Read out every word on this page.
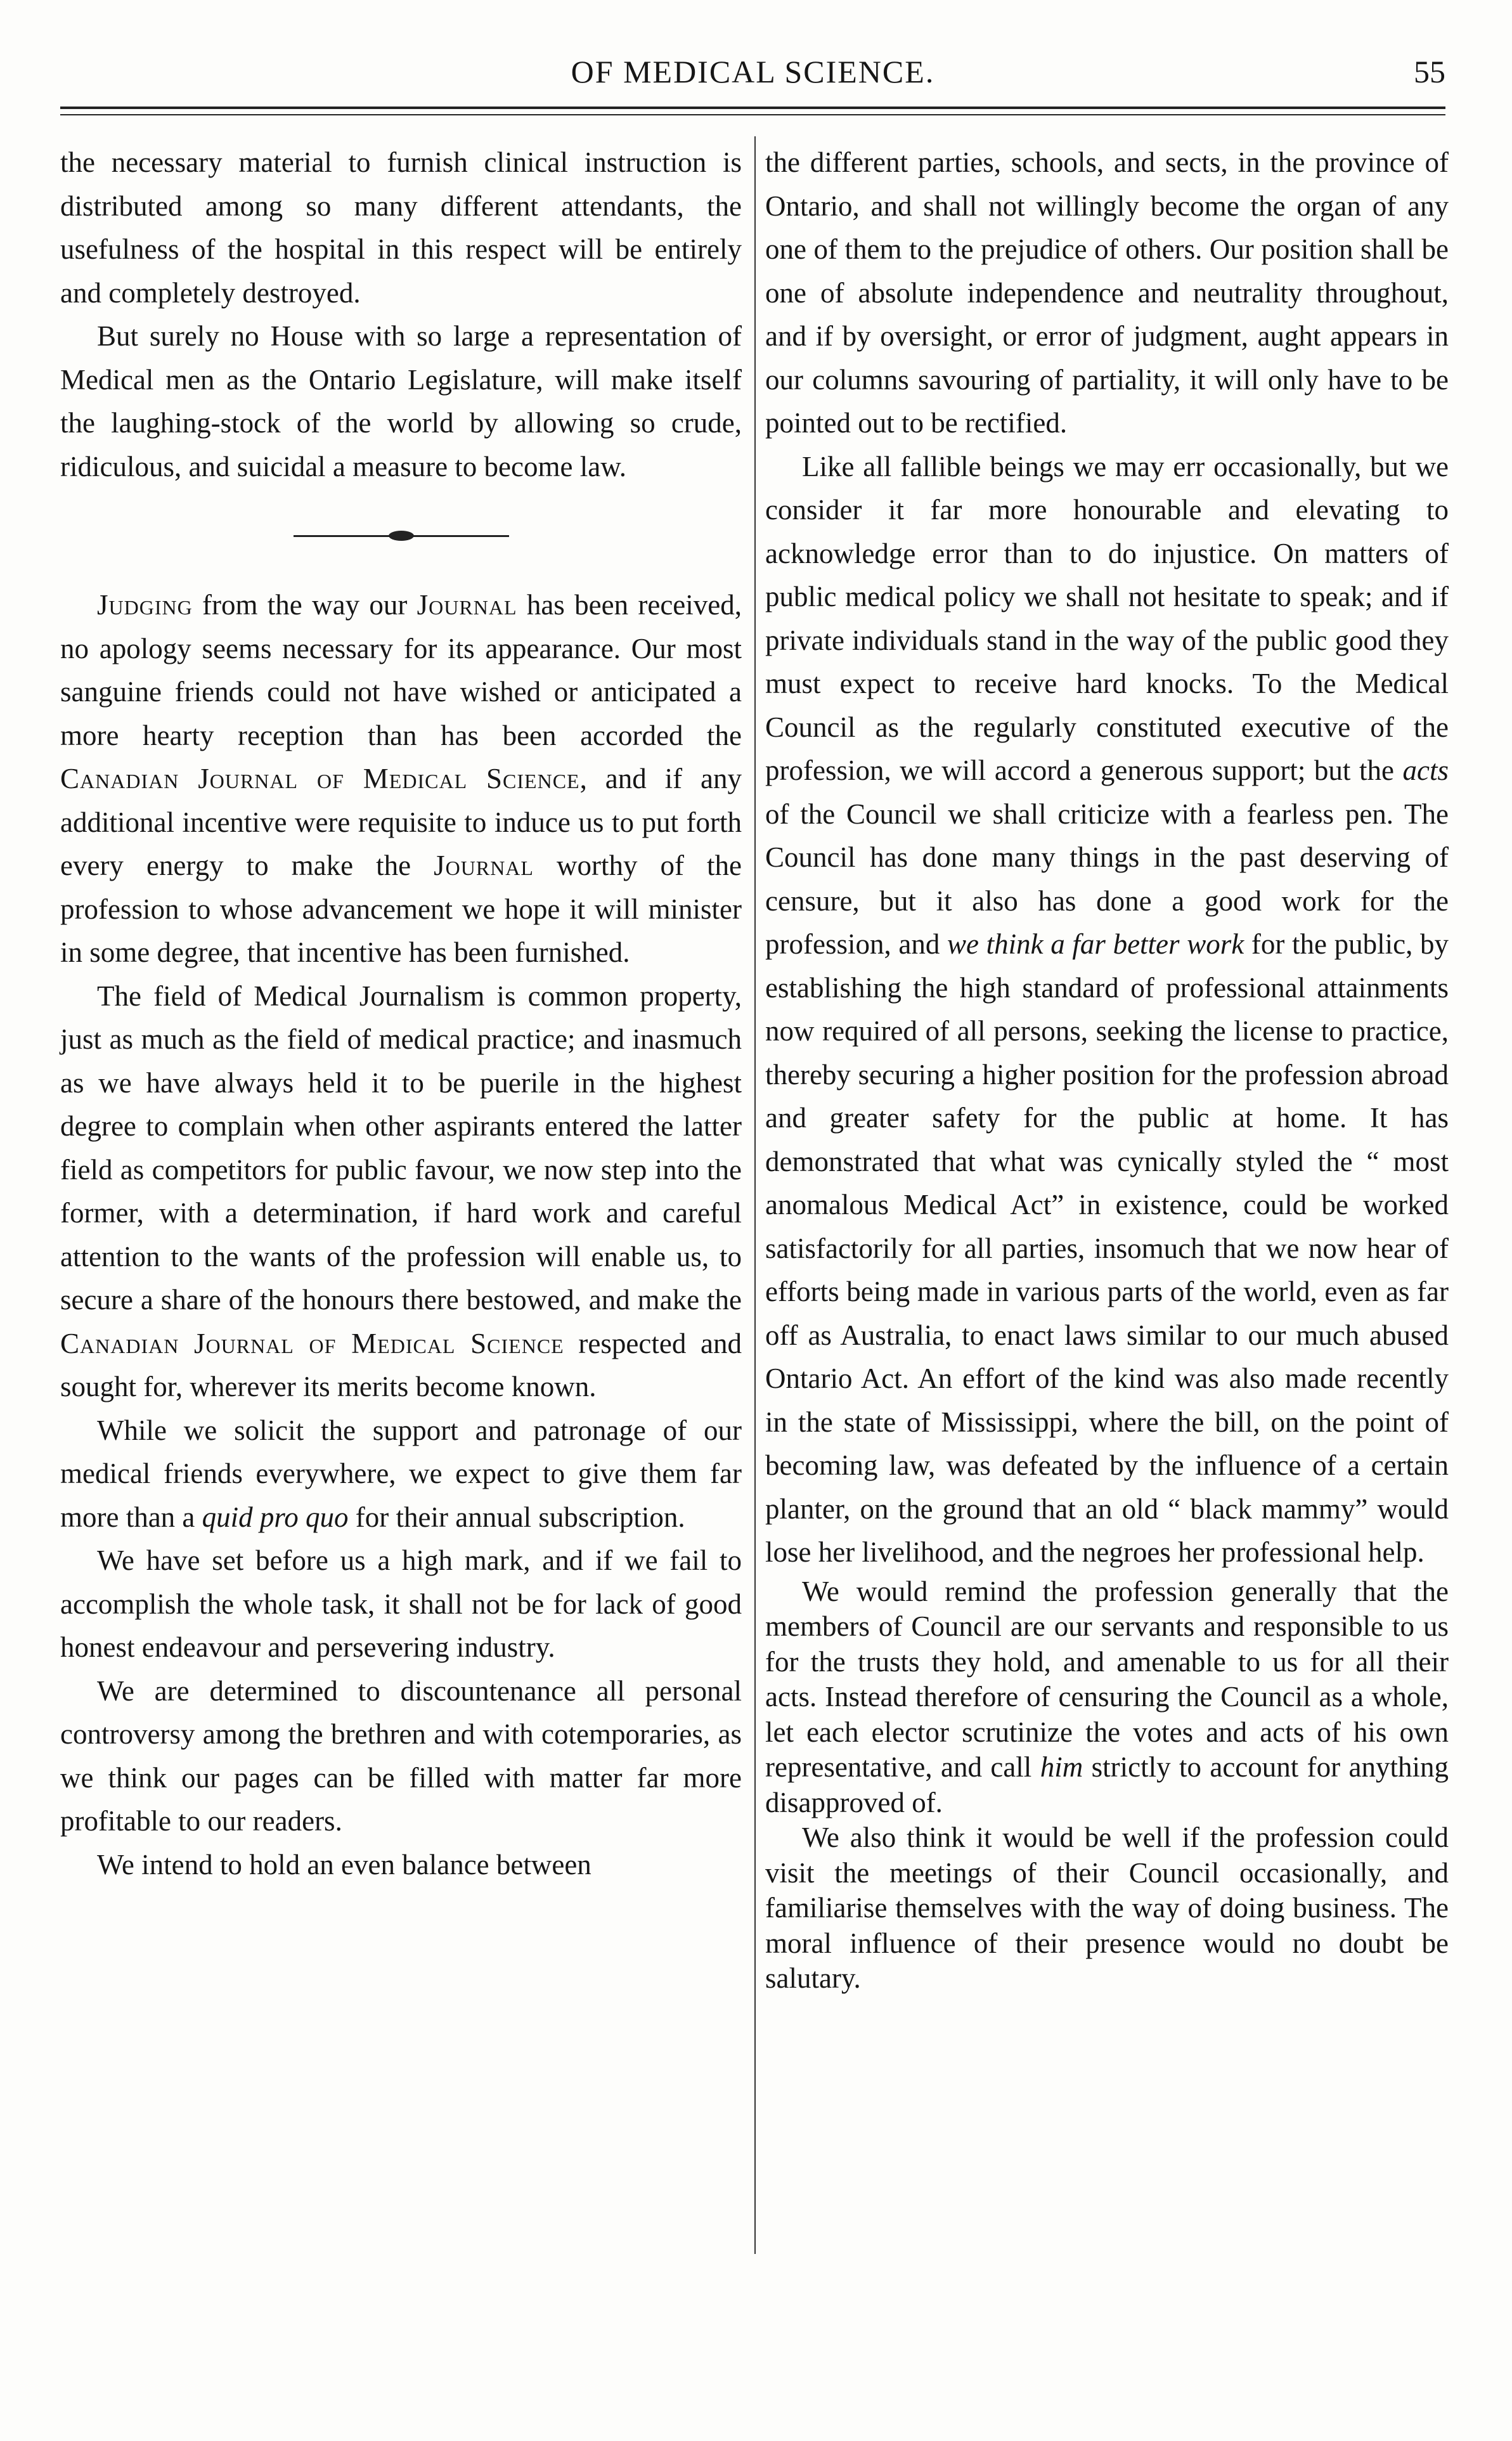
OF MEDICAL SCIENCE.	55

the necessary material to furnish clinical instruction is distributed among so many different attendants, the usefulness of the hospital in this respect will be entirely and completely destroyed.

But surely no House with so large a representation of Medical men as the Ontario Legislature, will make itself the laughing-stock of the world by allowing so crude, ridiculous, and suicidal a measure to become law.

Judging from the way our Journal has been received, no apology seems necessary for its appearance. Our most sanguine friends could not have wished or anticipated a more hearty reception than has been accorded the Canadian Journal of Medical Science, and if any additional incentive were requisite to induce us to put forth every energy to make the Journal worthy of the profession to whose advancement we hope it will minister in some degree, that incentive has been furnished.

The field of Medical Journalism is common property, just as much as the field of medical practice; and inasmuch as we have always held it to be puerile in the highest degree to complain when other aspirants entered the latter field as competitors for public favour, we now step into the former, with a determination, if hard work and careful attention to the wants of the profession will enable us, to secure a share of the honours there bestowed, and make the Canadian Journal of Medical Science respected and sought for, wherever its merits become known.

While we solicit the support and patronage of our medical friends everywhere, we expect to give them far more than a quid pro quo for their annual subscription.

We have set before us a high mark, and if we fail to accomplish the whole task, it shall not be for lack of good honest endeavour and persevering industry.

We are determined to discountenance all personal controversy among the brethren and with cotemporaries, as we think our pages can be filled with matter far more profitable to our readers.

We intend to hold an even balance between

the different parties, schools, and sects, in the province of Ontario, and shall not willingly become the organ of any one of them to the prejudice of others. Our position shall be one of absolute independence and neutrality throughout, and if by oversight, or error of judgment, aught appears in our columns savouring of partiality, it will only have to be pointed out to be rectified.

Like all fallible beings we may err occasionally, but we consider it far more honourable and elevating to acknowledge error than to do injustice. On matters of public medical policy we shall not hesitate to speak; and if private individuals stand in the way of the public good they must expect to receive hard knocks. To the Medical Council as the regularly constituted executive of the profession, we will accord a generous support; but the acts of the Council we shall criticize with a fearless pen. The Council has done many things in the past deserving of censure, but it also has done a good work for the profession, and we think a far better work for the public, by establishing the high standard of professional attainments now required of all persons, seeking the license to practice, thereby securing a higher position for the profession abroad and greater safety for the public at home. It has demonstrated that what was cynically styled the “ most anomalous Medical Act” in existence, could be worked satisfactorily for all parties, insomuch that we now hear of efforts being made in various parts of the world, even as far off as Australia, to enact laws similar to our much abused Ontario Act. An effort of the kind was also made recently in the state of Mississippi, where the bill, on the point of becoming law, was defeated by the influence of a certain planter, on the ground that an old “ black mammy” would lose her livelihood, and the negroes her professional help.

We would remind the profession generally that the members of Council are our servants and responsible to us for the trusts they hold, and amenable to us for all their acts. Instead therefore of censuring the Council as a whole, let each elector scrutinize the votes and acts of his own representative, and call him strictly to account for anything disapproved of.

We also think it would be well if the profession could visit the meetings of their Council occasionally, and familiarise themselves with the way of doing business. The moral influence of their presence would no doubt be salutary.
